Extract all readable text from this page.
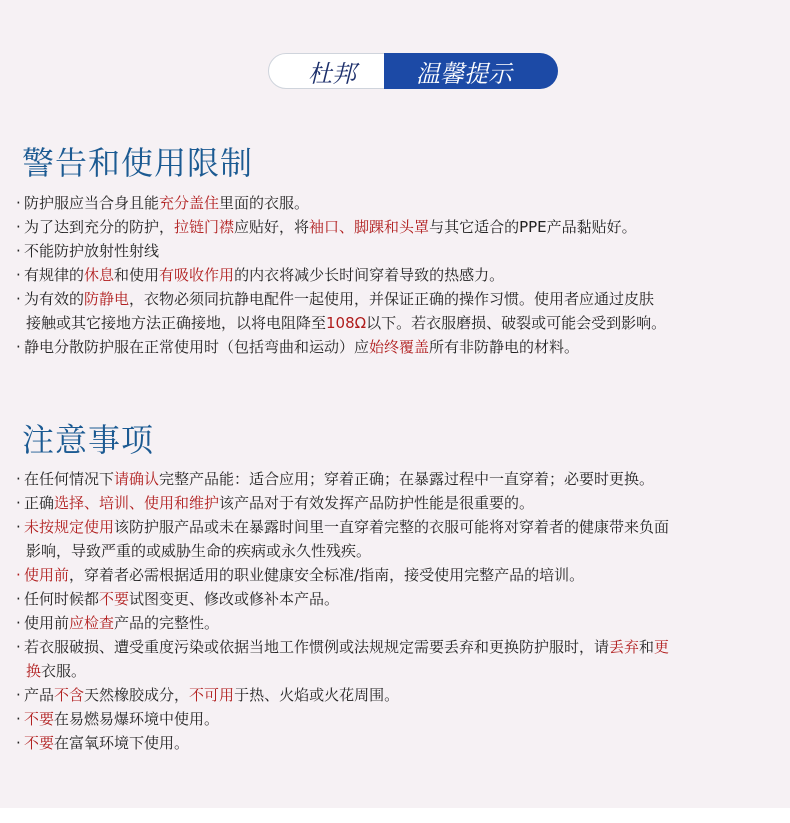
杜邦	温馨提示
警告和使用限制
· 防护服应当合身且能充分盖住里面的衣服。
· 为了达到充分的防护，拉链门襟应贴好，将袖口、脚踝和头罩与其它适合的PPE产品黏贴好。
· 不能防护放射性射线
· 有规律的休息和使用有吸收作用的内衣将减少长时间穿着导致的热感力。
· 为有效的防静电，衣物必须同抗静电配件一起使用，并保证正确的操作习惯。使用者应通过皮肤
接触或其它接地方法正确接地，以将电阻降至108Ω以下。若衣服磨损、破裂或可能会受到影响。
· 静电分散防护服在正常使用时（包括弯曲和运动）应始终覆盖所有非防静电的材料。
注意事项
· 在任何情况下请确认完整产品能：适合应用；穿着正确；在暴露过程中一直穿着；必要时更换。
· 正确选择、培训、使用和维护该产品对于有效发挥产品防护性能是很重要的。
· 未按规定使用该防护服产品或未在暴露时间里一直穿着完整的衣服可能将对穿着者的健康带来负面
影响，导致严重的或威胁生命的疾病或永久性残疾。
· 使用前，穿着者必需根据适用的职业健康安全标准/指南，接受使用完整产品的培训。
· 任何时候都不要试图变更、修改或修补本产品。
· 使用前应检查产品的完整性。
· 若衣服破损、遭受重度污染或依据当地工作惯例或法规规定需要丢弃和更换防护服时，请丢弃和更
换衣服。
· 产品不含天然橡胶成分，不可用于热、火焰或火花周围。
· 不要在易燃易爆环境中使用。
· 不要在富氧环境下使用。
